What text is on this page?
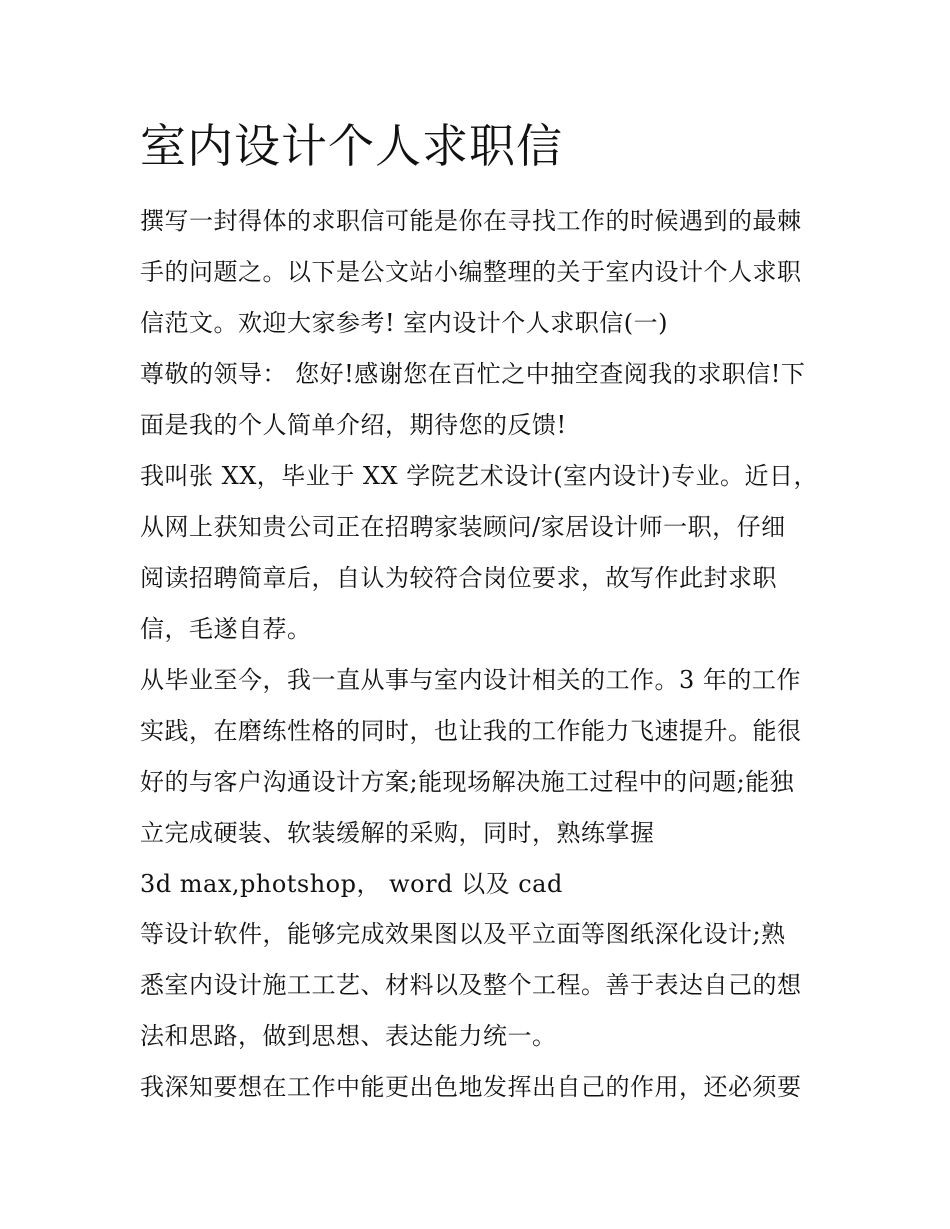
室内设计个人求职信
撰写一封得体的求职信可能是你在寻找工作的时候遇到的最棘
手的问题之。以下是公文站小编整理的关于室内设计个人求职
信范文。欢迎大家参考! 室内设计个人求职信(一)
尊敬的领导： 您好!感谢您在百忙之中抽空查阅我的求职信!下
面是我的个人简单介绍，期待您的反馈!
我叫张 XX，毕业于 XX 学院艺术设计(室内设计)专业。近日，
从网上获知贵公司正在招聘家装顾问/家居设计师一职，仔细
阅读招聘简章后，自认为较符合岗位要求，故写作此封求职
信，毛遂自荐。
从毕业至今，我一直从事与室内设计相关的工作。3 年的工作
实践，在磨练性格的同时，也让我的工作能力飞速提升。能很
好的与客户沟通设计方案;能现场解决施工过程中的问题;能独
立完成硬装、软装缓解的采购，同时，熟练掌握
3d max,photshop， word 以及 cad
等设计软件，能够完成效果图以及平立面等图纸深化设计;熟
悉室内设计施工工艺、材料以及整个工程。善于表达自己的想
法和思路，做到思想、表达能力统一。
我深知要想在工作中能更出色地发挥出自己的作用，还必须要
